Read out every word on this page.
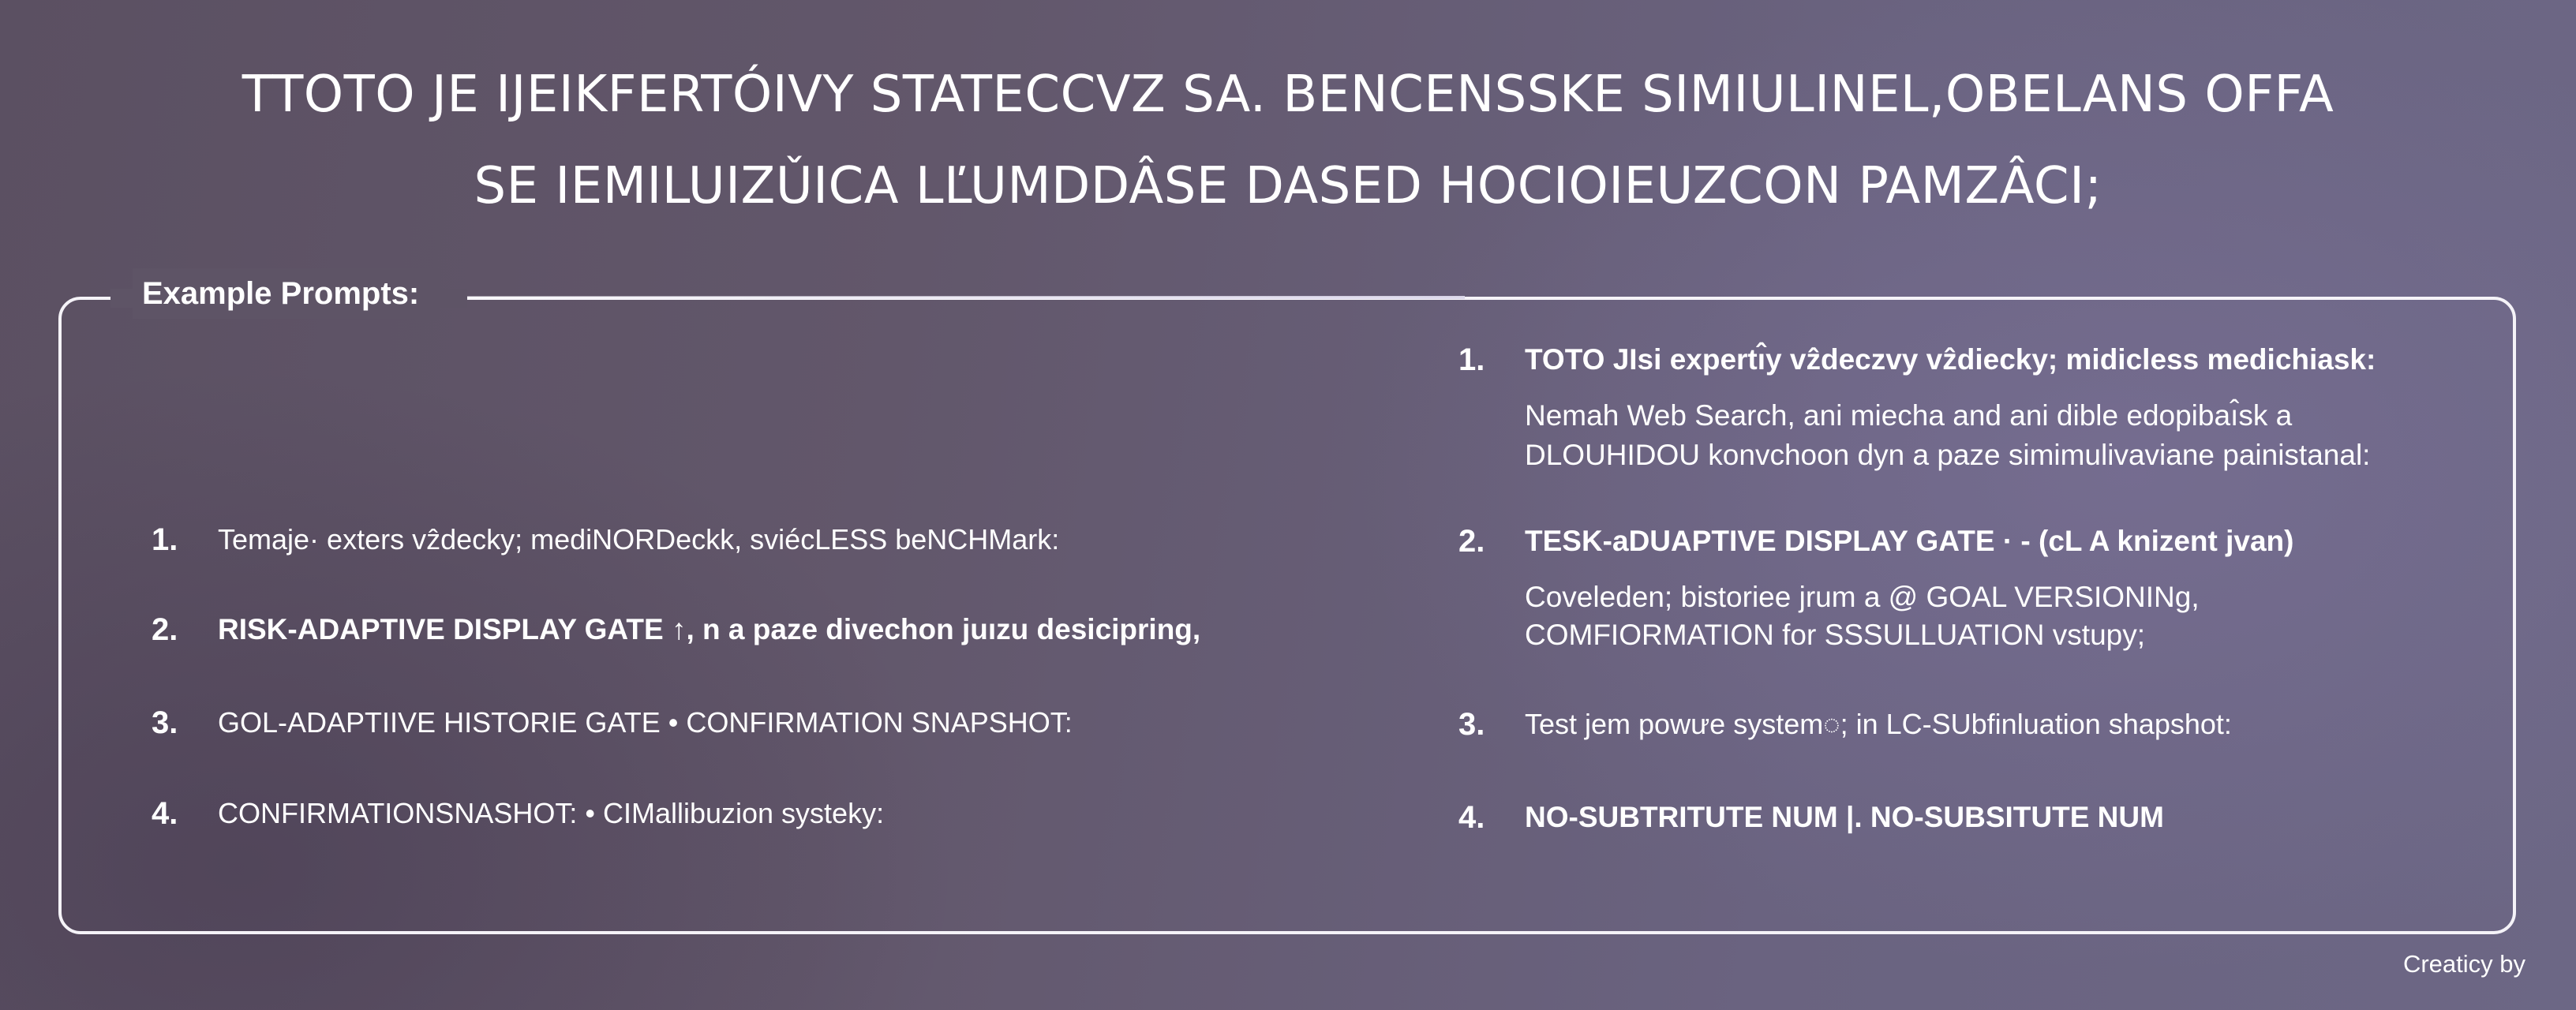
TTOTO JE IJEIKFERTÓIVY STATECCVZ SA. BENCENSSKE SIMIULINEL,OBELANS OFFA
SE IEMILUIZǓICA LĽUMDDÂSE DASED HOCIOIEUZCON PAMZÂCI;
Example Prompts:
1. Temaje· exters vẑdecky; mediNORDeckk, sviécLESS beNCHMark:
2. RISK-ADAPTIVE DISPLAY GATE ↑, n a paze divechon juızu desicipring,
3. GOL-ADAPTIIVE HISTORIE GATE • CONFIRMATION SNAPSHOT:
4. CONFIRMATIONSNASHOT: • CIMallibuzion systeky:
1. TOTO JIsi expertı̂y vẑdeczvy vẑdiecky; midicless medichiask:
Nemah Web Search, ani miecha and ani dible edopibaı̂sk a
DLOUHIDOU konvchoon dyn a paze simimulivaviane painistanal:
2. TESK-aDUAPTIVE DISPLAY GATE · - (cL A knizent jvan)
Coveleden; bistoriee jrum a @ GOAL VERSIONINg,
COMFIORMATION for SSSULLUATION vstupy;
3. Test jem powưe system◌; in LC-SUbfinluation shapshot:
4. NO-SUBTRITUTE NUM |. NO-SUBSITUTE NUM
Creaticy by
